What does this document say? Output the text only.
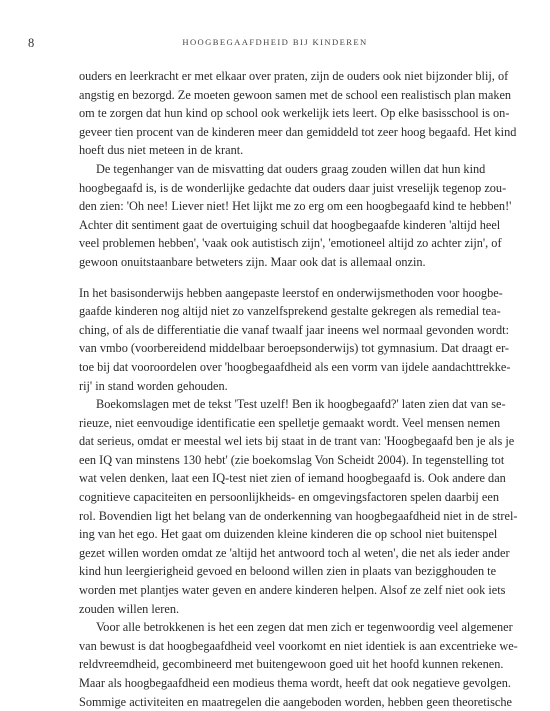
8	HOOGBEGAAFDHEID BIJ KINDEREN
ouders en leerkracht er met elkaar over praten, zijn de ouders ook niet bijzonder blij, of
angstig en bezorgd. Ze moeten gewoon samen met de school een realistisch plan maken
om te zorgen dat hun kind op school ook werkelijk iets leert. Op elke basisschool is on-
geveer tien procent van de kinderen meer dan gemiddeld tot zeer hoog begaafd. Het kind
hoeft dus niet meteen in de krant.
De tegenhanger van de misvatting dat ouders graag zouden willen dat hun kind
hoogbegaafd is, is de wonderlijke gedachte dat ouders daar juist vreselijk tegenop zou-
den zien: 'Oh nee! Liever niet! Het lijkt me zo erg om een hoogbegaafd kind te hebben!'
Achter dit sentiment gaat de overtuiging schuil dat hoogbegaafde kinderen 'altijd heel
veel problemen hebben', 'vaak ook autistisch zijn', 'emotioneel altijd zo achter zijn', of
gewoon onuitstaanbare betweters zijn. Maar ook dat is allemaal onzin.
In het basisonderwijs hebben aangepaste leerstof en onderwijsmethoden voor hoogbe-
gaafde kinderen nog altijd niet zo vanzelfsprekend gestalte gekregen als remedial tea-
ching, of als de differentiatie die vanaf twaalf jaar ineens wel normaal gevonden wordt:
van vmbo (voorbereidend middelbaar beroepsonderwijs) tot gymnasium. Dat draagt er-
toe bij dat vooroordelen over 'hoogbegaafdheid als een vorm van ijdele aandachttrekke-
rij' in stand worden gehouden.
Boekomslagen met de tekst 'Test uzelf! Ben ik hoogbegaafd?' laten zien dat van se-
rieuze, niet eenvoudige identificatie een spelletje gemaakt wordt. Veel mensen nemen
dat serieus, omdat er meestal wel iets bij staat in de trant van: 'Hoogbegaafd ben je als je
een IQ van minstens 130 hebt' (zie boekomslag Von Scheidt 2004). In tegenstelling tot
wat velen denken, laat een IQ-test niet zien of iemand hoogbegaafd is. Ook andere dan
cognitieve capaciteiten en persoonlijkheids- en omgevingsfactoren spelen daarbij een
rol. Bovendien ligt het belang van de onderkenning van hoogbegaafdheid niet in de strel-
ing van het ego. Het gaat om duizenden kleine kinderen die op school niet buitenspel
gezet willen worden omdat ze 'altijd het antwoord toch al weten', die net als ieder ander
kind hun leergierigheid gevoed en beloond willen zien in plaats van bezigghouden te
worden met plantjes water geven en andere kinderen helpen. Alsof ze zelf niet ook iets
zouden willen leren.
Voor alle betrokkenen is het een zegen dat men zich er tegenwoordig veel algemener
van bewust is dat hoogbegaafdheid veel voorkomt en niet identiek is aan excentrieke we-
reldvreemdheid, gecombineerd met buitengewoon goed uit het hoofd kunnen rekenen.
Maar als hoogbegaafdheid een modieus thema wordt, heeft dat ook negatieve gevolgen.
Sommige activiteiten en maatregelen die aangeboden worden, hebben geen theoretische
